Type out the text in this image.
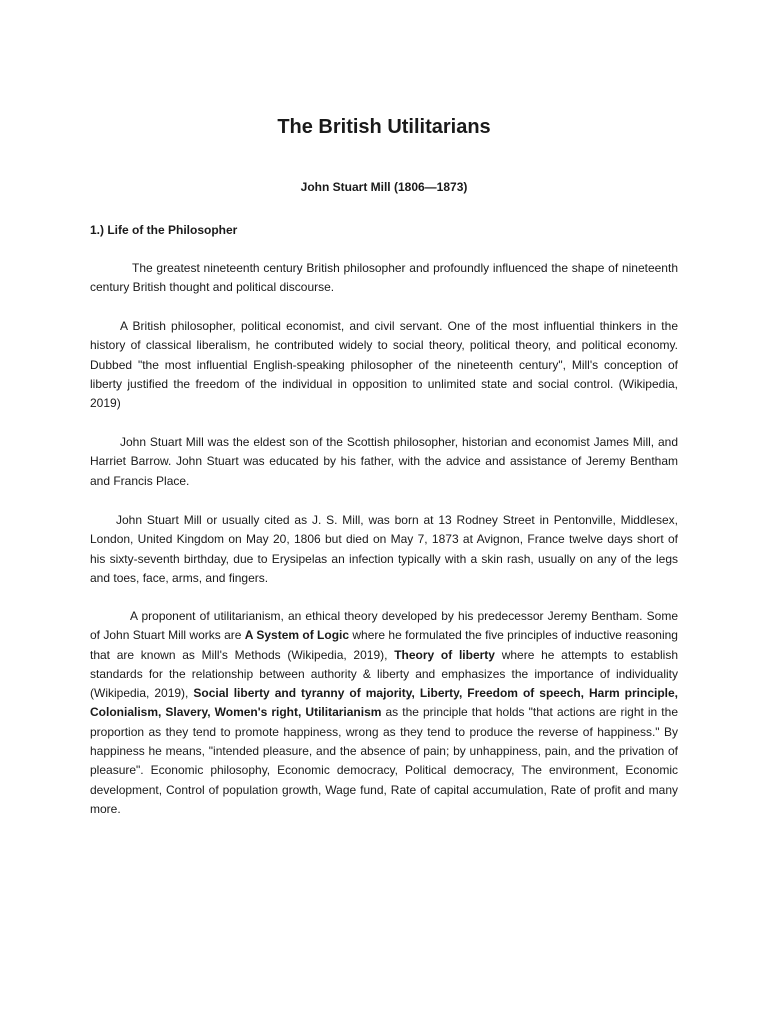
The British Utilitarians
John Stuart Mill (1806—1873)
1.) Life of the Philosopher

The greatest nineteenth century British philosopher and profoundly influenced the shape of nineteenth century British thought and political discourse.

A British philosopher, political economist, and civil servant. One of the most influential thinkers in the history of classical liberalism, he contributed widely to social theory, political theory, and political economy. Dubbed "the most influential English-speaking philosopher of the nineteenth century", Mill's conception of liberty justified the freedom of the individual in opposition to unlimited state and social control. (Wikipedia, 2019)

John Stuart Mill was the eldest son of the Scottish philosopher, historian and economist James Mill, and Harriet Barrow. John Stuart was educated by his father, with the advice and assistance of Jeremy Bentham and Francis Place.

John Stuart Mill or usually cited as J. S. Mill, was born at 13 Rodney Street in Pentonville, Middlesex, London, United Kingdom on May 20, 1806 but died on May 7, 1873 at Avignon, France twelve days short of his sixty-seventh birthday, due to Erysipelas an infection typically with a skin rash, usually on any of the legs and toes, face, arms, and fingers.

A proponent of utilitarianism, an ethical theory developed by his predecessor Jeremy Bentham. Some of John Stuart Mill works are A System of Logic where he formulated the five principles of inductive reasoning that are known as Mill's Methods (Wikipedia, 2019), Theory of liberty where he attempts to establish standards for the relationship between authority & liberty and emphasizes the importance of individuality (Wikipedia, 2019), Social liberty and tyranny of majority, Liberty, Freedom of speech, Harm principle, Colonialism, Slavery, Women's right, Utilitarianism as the principle that holds "that actions are right in the proportion as they tend to promote happiness, wrong as they tend to produce the reverse of happiness." By happiness he means, "intended pleasure, and the absence of pain; by unhappiness, pain, and the privation of pleasure". Economic philosophy, Economic democracy, Political democracy, The environment, Economic development, Control of population growth, Wage fund, Rate of capital accumulation, Rate of profit and many more.
